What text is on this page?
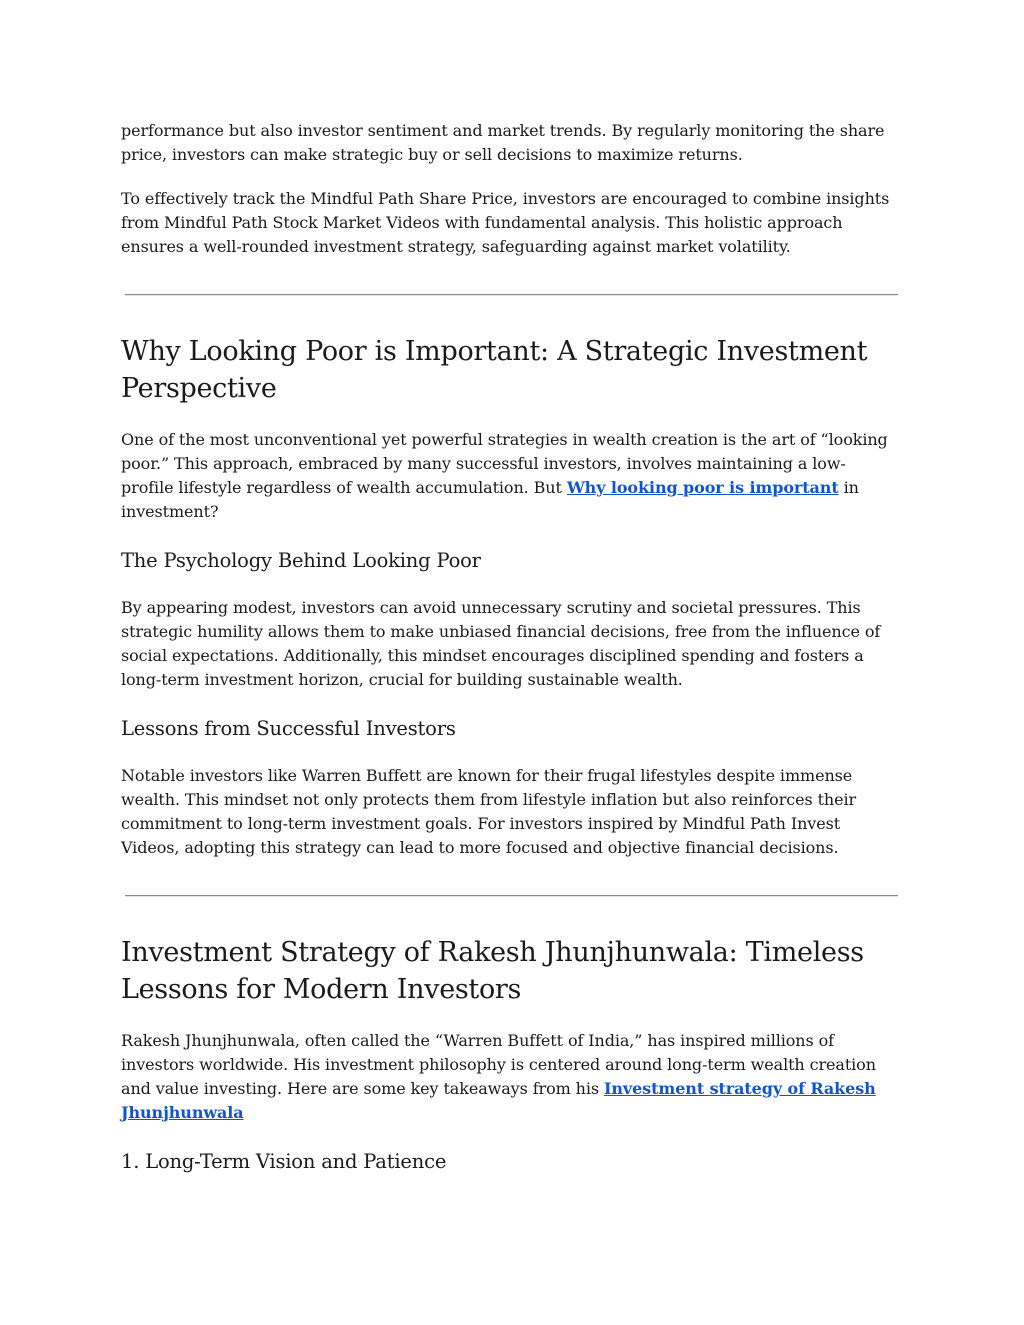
performance but also investor sentiment and market trends. By regularly monitoring the share price, investors can make strategic buy or sell decisions to maximize returns.

To effectively track the Mindful Path Share Price, investors are encouraged to combine insights from Mindful Path Stock Market Videos with fundamental analysis. This holistic approach ensures a well-rounded investment strategy, safeguarding against market volatility.

Why Looking Poor is Important: A Strategic Investment Perspective

One of the most unconventional yet powerful strategies in wealth creation is the art of “looking poor.” This approach, embraced by many successful investors, involves maintaining a low-profile lifestyle regardless of wealth accumulation. But Why looking poor is important in investment?

The Psychology Behind Looking Poor

By appearing modest, investors can avoid unnecessary scrutiny and societal pressures. This strategic humility allows them to make unbiased financial decisions, free from the influence of social expectations. Additionally, this mindset encourages disciplined spending and fosters a long-term investment horizon, crucial for building sustainable wealth.

Lessons from Successful Investors

Notable investors like Warren Buffett are known for their frugal lifestyles despite immense wealth. This mindset not only protects them from lifestyle inflation but also reinforces their commitment to long-term investment goals. For investors inspired by Mindful Path Invest Videos, adopting this strategy can lead to more focused and objective financial decisions.

Investment Strategy of Rakesh Jhunjhunwala: Timeless Lessons for Modern Investors

Rakesh Jhunjhunwala, often called the “Warren Buffett of India,” has inspired millions of investors worldwide. His investment philosophy is centered around long-term wealth creation and value investing. Here are some key takeaways from his Investment strategy of Rakesh Jhunjhunwala

1. Long-Term Vision and Patience
